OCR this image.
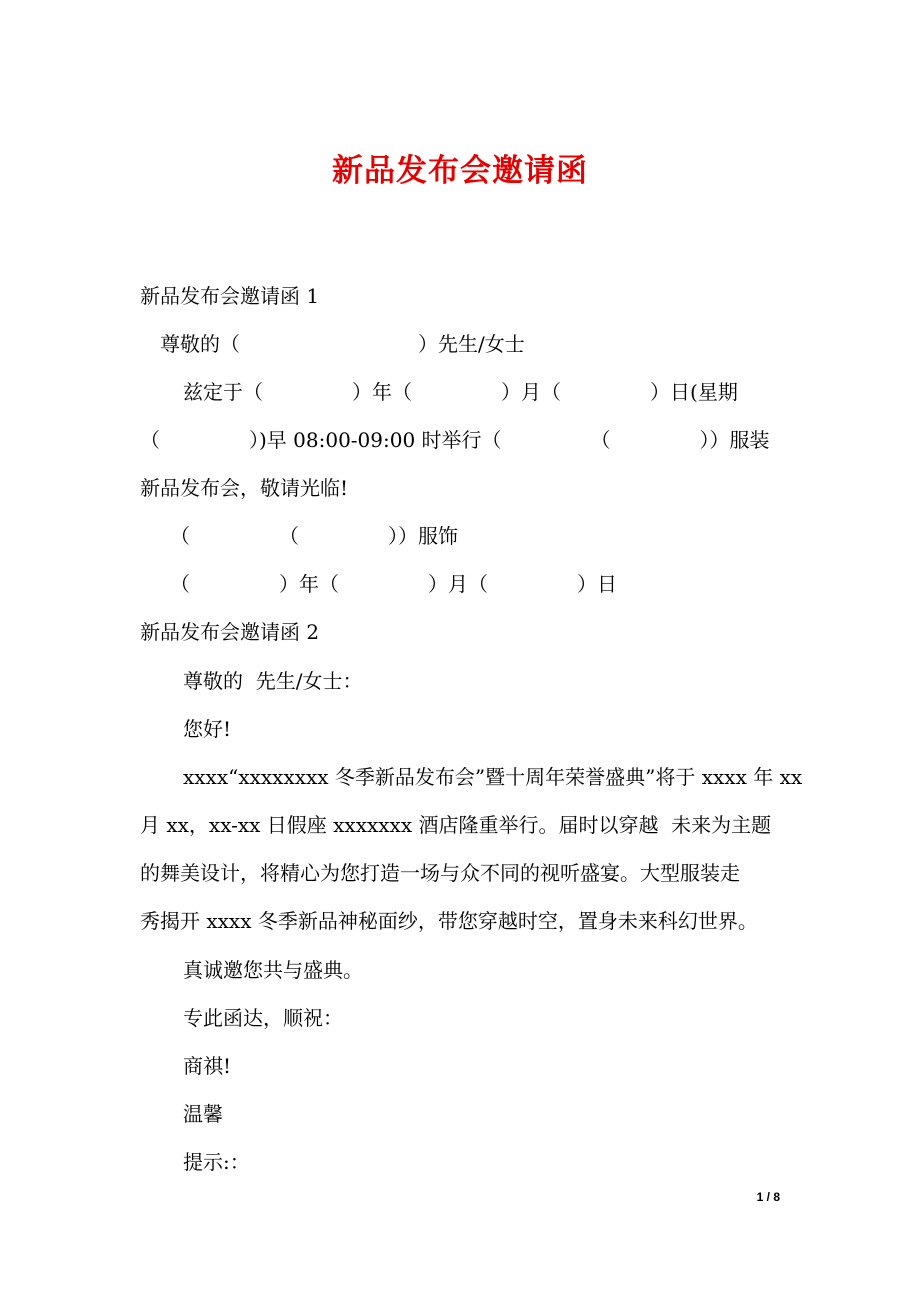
新品发布会邀请函
新品发布会邀请函 1
尊敬的（                            ）先生/女士
兹定于（              ）年（              ）月（              ）日(星期
（              ）)早 08:00-09:00 时举行（              （              ））服装
新品发布会，敬请光临!
（              （              ））服饰
（              ）年（              ）月（              ）日
新品发布会邀请函 2
尊敬的  先生/女士：
您好!
xxxx“xxxxxxxx 冬季新品发布会”暨十周年荣誉盛典”将于 xxxx 年 xx
月 xx，xx-xx 日假座 xxxxxxx 酒店隆重举行。届时以穿越  未来为主题
的舞美设计，将精心为您打造一场与众不同的视听盛宴。大型服装走
秀揭开 xxxx 冬季新品神秘面纱，带您穿越时空，置身未来科幻世界。
真诚邀您共与盛典。
专此函达，顺祝：
商祺!
温馨
提示:：
1 / 8
